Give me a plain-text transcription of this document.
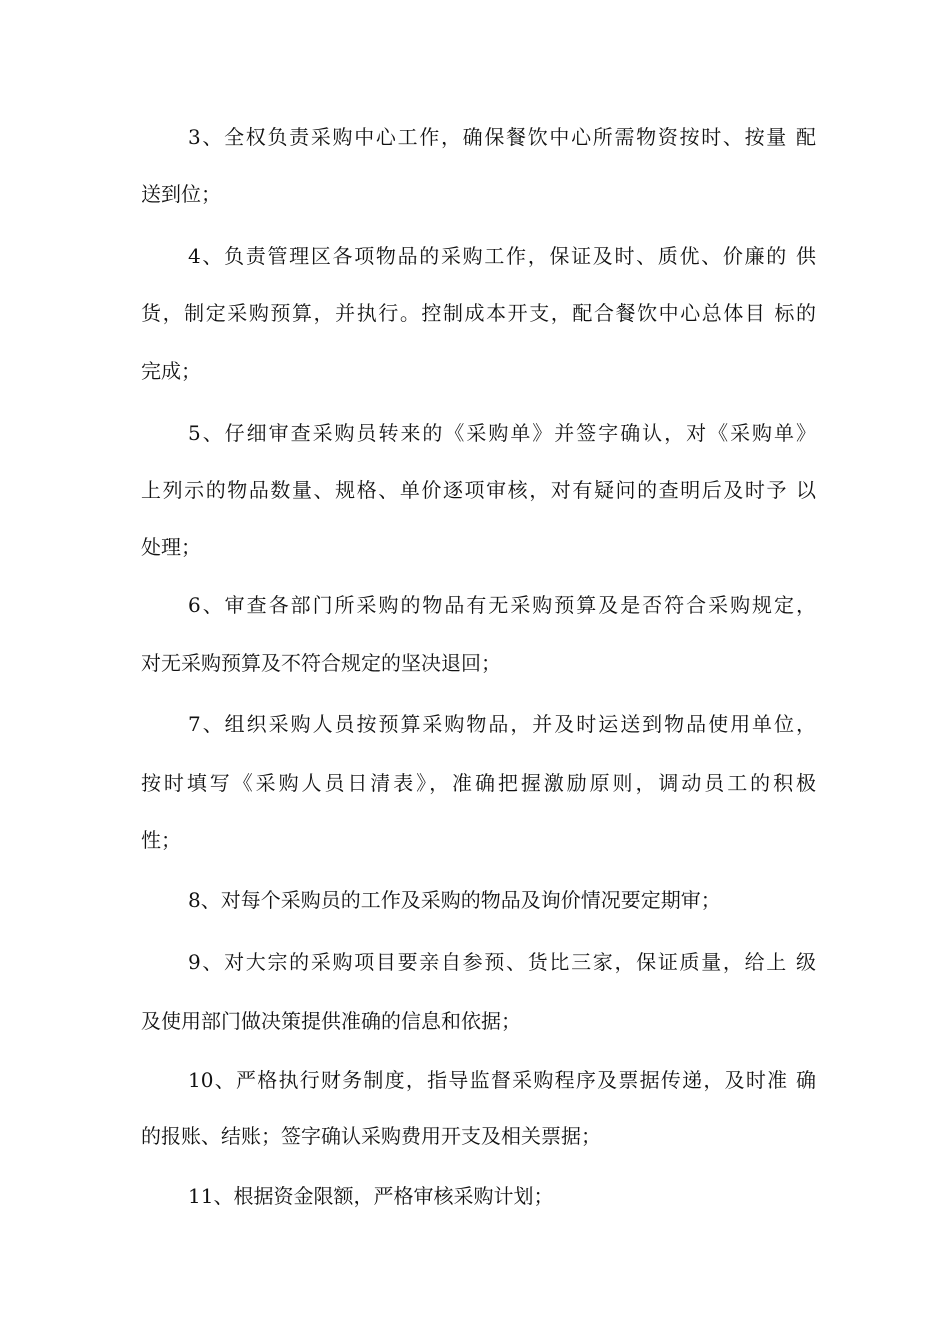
3、全权负责采购中心工作，确保餐饮中心所需物资按时、按量 配
送到位；
4、负责管理区各项物品的采购工作，保证及时、质优、价廉的 供
货，制定采购预算，并执行。控制成本开支，配合餐饮中心总体目 标的
完成；
5、仔细审查采购员转来的《采购单》并签字确认，对《采购单》
上列示的物品数量、规格、单价逐项审核，对有疑问的查明后及时予 以
处理；
6、审查各部门所采购的物品有无采购预算及是否符合采购规定，
对无采购预算及不符合规定的坚决退回；
7、组织采购人员按预算采购物品，并及时运送到物品使用单位，
按时填写《采购人员日清表》，准确把握激励原则，调动员工的积极
性；
8、对每个采购员的工作及采购的物品及询价情况要定期审；
9、对大宗的采购项目要亲自参预、货比三家，保证质量，给上 级
及使用部门做决策提供准确的信息和依据；
10、严格执行财务制度，指导监督采购程序及票据传递，及时准 确
的报账、结账；签字确认采购费用开支及相关票据；
11、根据资金限额，严格审核采购计划；
